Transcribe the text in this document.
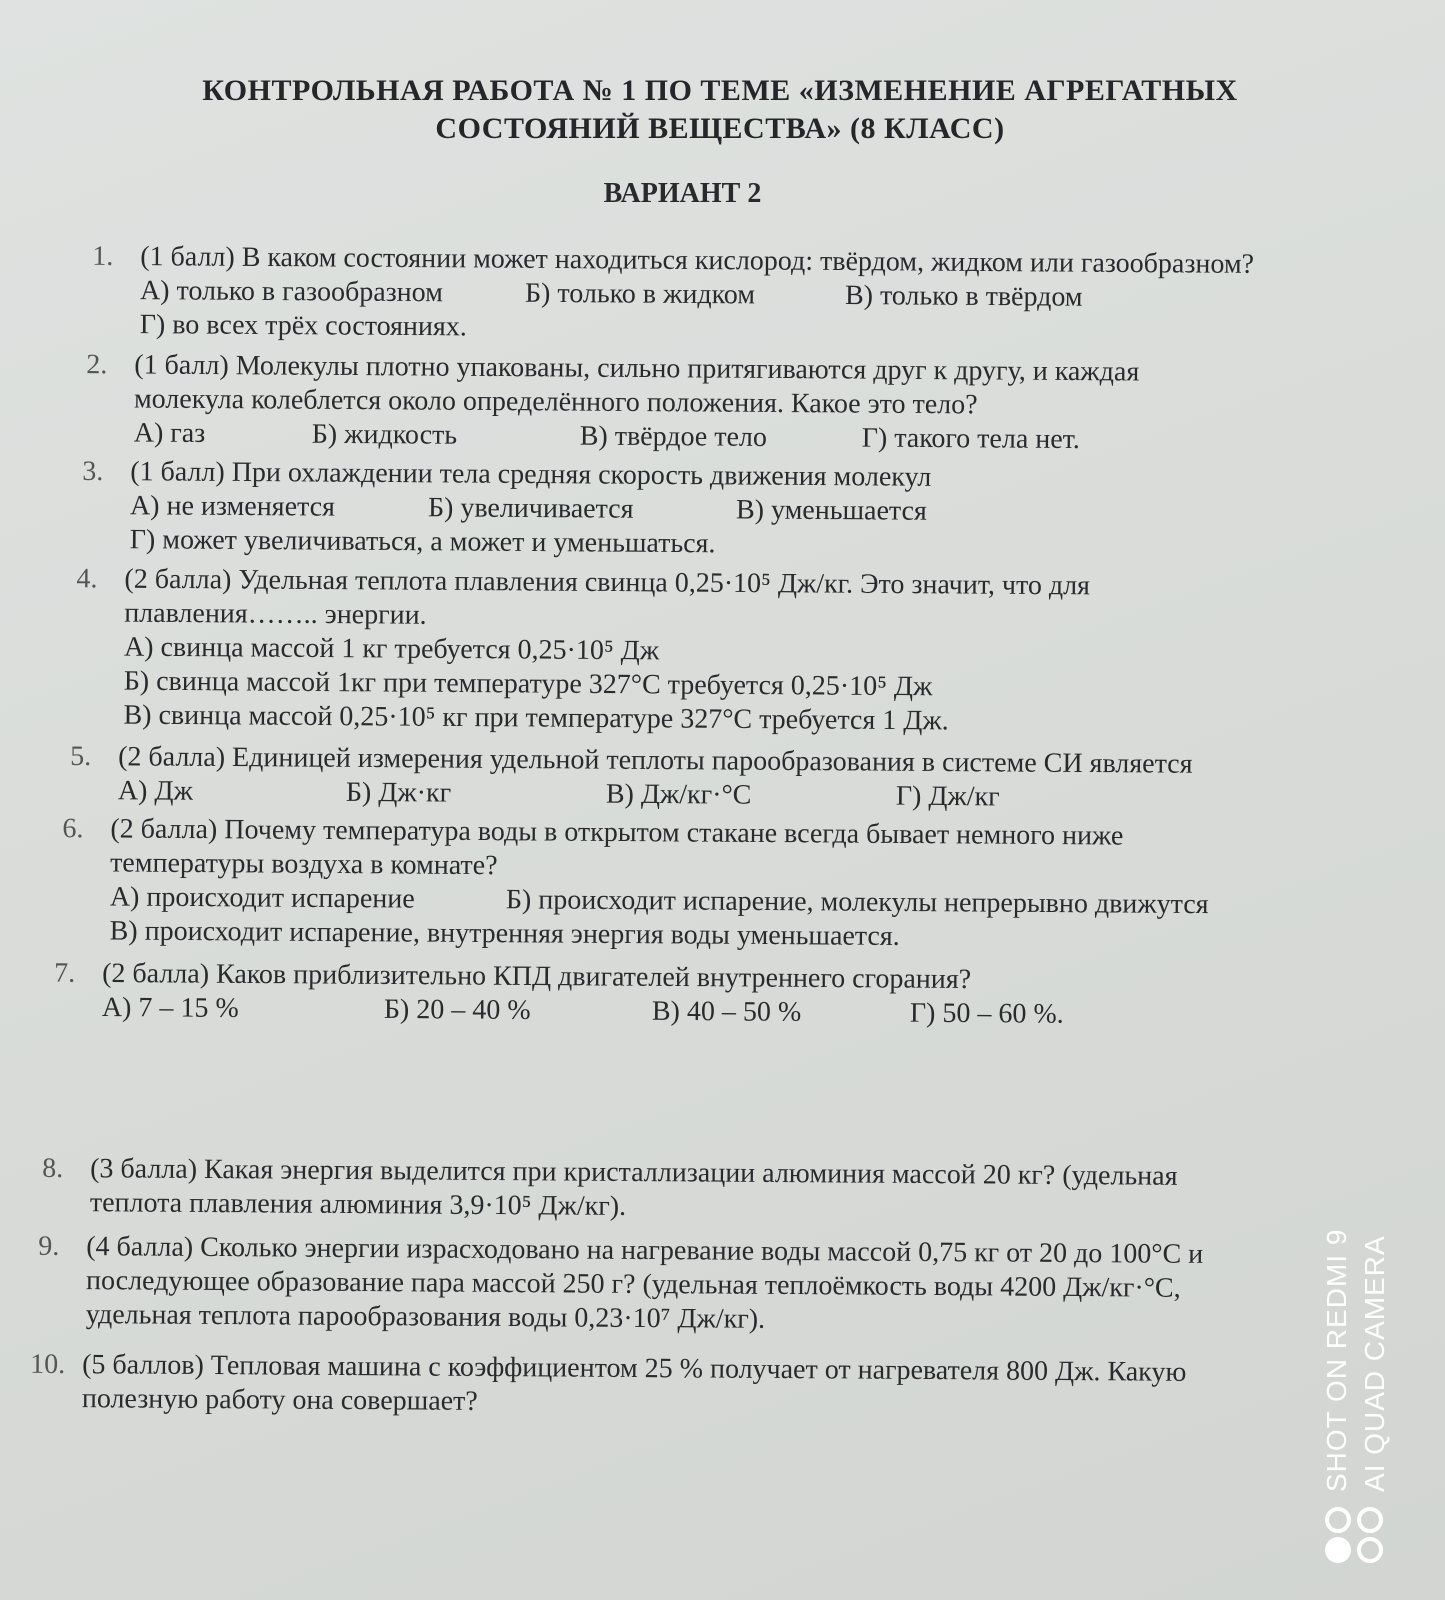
КОНТРОЛЬНАЯ РАБОТА № 1 ПО ТЕМЕ «ИЗМЕНЕНИЕ АГРЕГАТНЫХ
СОСТОЯНИЙ ВЕЩЕСТВА» (8 КЛАСС)
ВАРИАНТ 2
1. (1 балл) В каком состоянии может находиться кислород: твёрдом, жидком или газообразном?
А) только в газообразном	Б) только в жидком	В) только в твёрдом
Г) во всех трёх состояниях.
2. (1 балл) Молекулы плотно упакованы, сильно притягиваются друг к другу, и каждая
молекула колеблется около определённого положения. Какое это тело?
А) газ	Б) жидкость	В) твёрдое тело	Г) такого тела нет.
3. (1 балл) При охлаждении тела средняя скорость движения молекул
А) не изменяется	Б) увеличивается	В) уменьшается
Г) может увеличиваться, а может и уменьшаться.
4. (2 балла) Удельная теплота плавления свинца 0,25·10⁵ Дж/кг. Это значит, что для
плавления…….. энергии.
А) свинца массой 1 кг требуется 0,25·10⁵ Дж
Б) свинца массой 1кг при температуре 327°С требуется 0,25·10⁵ Дж
В) свинца массой 0,25·10⁵ кг при температуре 327°С требуется 1 Дж.
5. (2 балла) Единицей измерения удельной теплоты парообразования в системе СИ является
А) Дж	Б) Дж·кг	В) Дж/кг·°С	Г) Дж/кг
6. (2 балла) Почему температура воды в открытом стакане всегда бывает немного ниже
температуры воздуха в комнате?
А) происходит испарение	Б) происходит испарение, молекулы непрерывно движутся
В) происходит испарение, внутренняя энергия воды уменьшается.
7. (2 балла) Каков приблизительно КПД двигателей внутреннего сгорания?
А) 7 – 15 %	Б) 20 – 40 %	В) 40 – 50 %	Г) 50 – 60 %.
8. (3 балла) Какая энергия выделится при кристаллизации алюминия массой 20 кг? (удельная
теплота плавления алюминия 3,9·10⁵ Дж/кг).
9. (4 балла) Сколько энергии израсходовано на нагревание воды массой 0,75 кг от 20 до 100°С и
последующее образование пара массой 250 г? (удельная теплоёмкость воды 4200 Дж/кг·°С,
удельная теплота парообразования воды 0,23·10⁷ Дж/кг).
10. (5 баллов) Тепловая машина с коэффициентом 25 % получает от нагревателя 800 Дж. Какую
полезную работу она совершает?	SHOT ON REDMI 9 AI QUAD CAMERA
